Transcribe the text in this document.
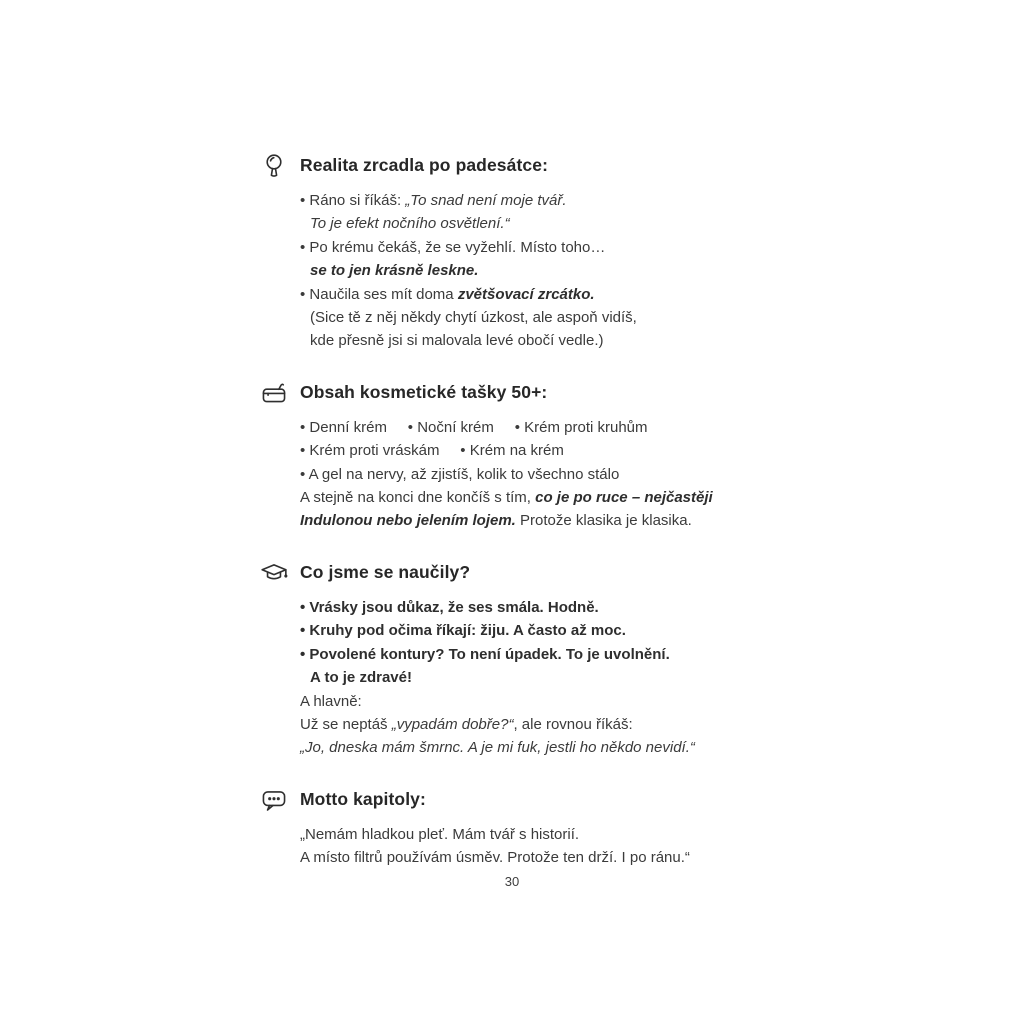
Realita zrcadla po padesátce:

• Ráno si říkáš: „To snad není moje tvář.

To je efekt nočního osvětlení.“

• Po krému čekáš, že se vyžehlí. Místo toho…

se to jen krásně leskne.

• Naučila ses mít doma zvětšovací zrcátko.

(Sice tě z něj někdy chytí úzkost, ale aspoň vidíš,

kde přesně jsi si malovala levé obočí vedle.)

Obsah kosmetické tašky 50+:

• Denní krém     • Noční krém     • Krém proti kruhům

• Krém proti vráskám     • Krém na krém

• A gel na nervy, až zjistíš, kolik to všechno stálo

A stejně na konci dne končíš s tím, co je po ruce – nejčastěji

Indulonou nebo jelením lojem. Protože klasika je klasika.

Co jsme se naučily?

• Vrásky jsou důkaz, že ses smála. Hodně.

• Kruhy pod očima říkají: žiju. A často až moc.

• Povolené kontury? To není úpadek. To je uvolnění.

A to je zdravé!

A hlavně:

Už se neptáš „vypadám dobře?“, ale rovnou říkáš:

„Jo, dneska mám šmrnc. A je mi fuk, jestli ho někdo nevidí.“

Motto kapitoly:

„Nemám hladkou pleť. Mám tvář s historií.

A místo filtrů používám úsměv. Protože ten drží. I po ránu.“

30
